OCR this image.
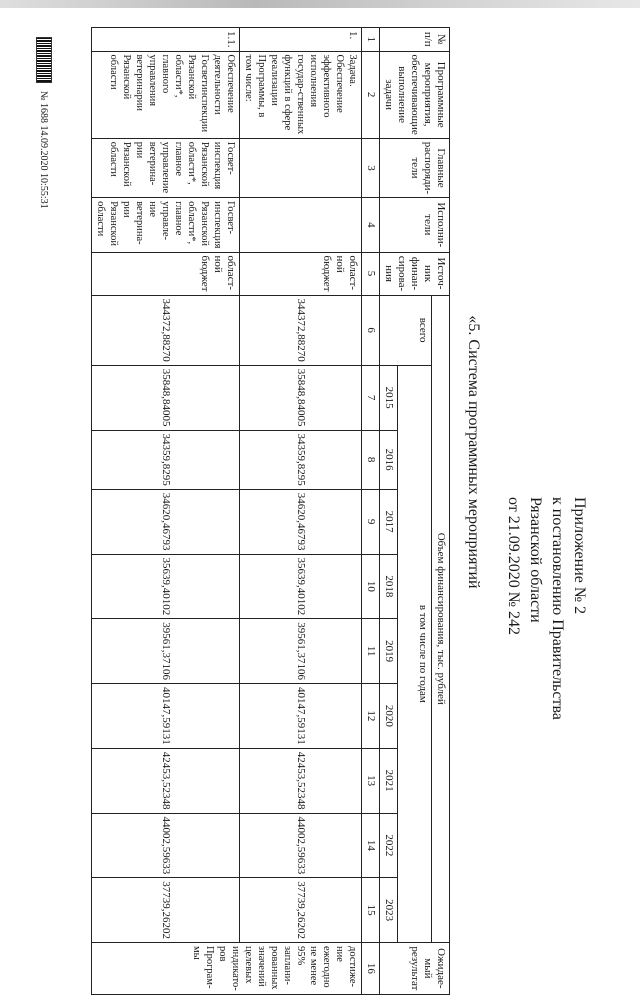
Приложение № 2
к постановлению Правительства
Рязанской области
от 21.09.2020 № 242
«5. Система программных мероприятий
№ п/п	Программные мероприятия, обеспечивающие выполнение задачи	Главные распоряди-тели	Исполни-тели	Источ-ник финан-сирова-ния	Объем финансирования, тыс. рублей										Ожидае-мый результат
					всего	в том числе по годам									
						2015	2016	2017	2018	2019	2020	2021	2022	2023	
1	2	3	4	5	6	7	8	9	10	11	12	13	14	15	16
1.	Задача. Обеспечение эффективного исполнения государ-ственных функций в сфере реализации Программы, в том числе:			област-ной бюджет	344372,88270	35848,84005	34359,8295	34620,46793	35639,40102	39561,37106	40147,59131	42453,52348	44002,59633	37739,26202	достиже-ние ежегодно не менее 95% заплани-рованных значений целевых индикато-ров Програм-мы
1.1.	Обеспечение деятельности Госветинспекции Рязанской области*, главного управления ветеринарии Рязанской области	Госвет-инспекция Рязанской области*, главное управление ветерина-рии Рязанской области	Госвет-инспекция Рязанской области*, главное управле-ние ветерина-рии Рязанской области	област-ной бюджет	344372,88270	35848,84005	34359,8295	34620,46793	35639,40102	39561,37106	40147,59131	42453,52348	44002,59633	37739,26202	
№ 1688 14.09.2020 10:55:31
